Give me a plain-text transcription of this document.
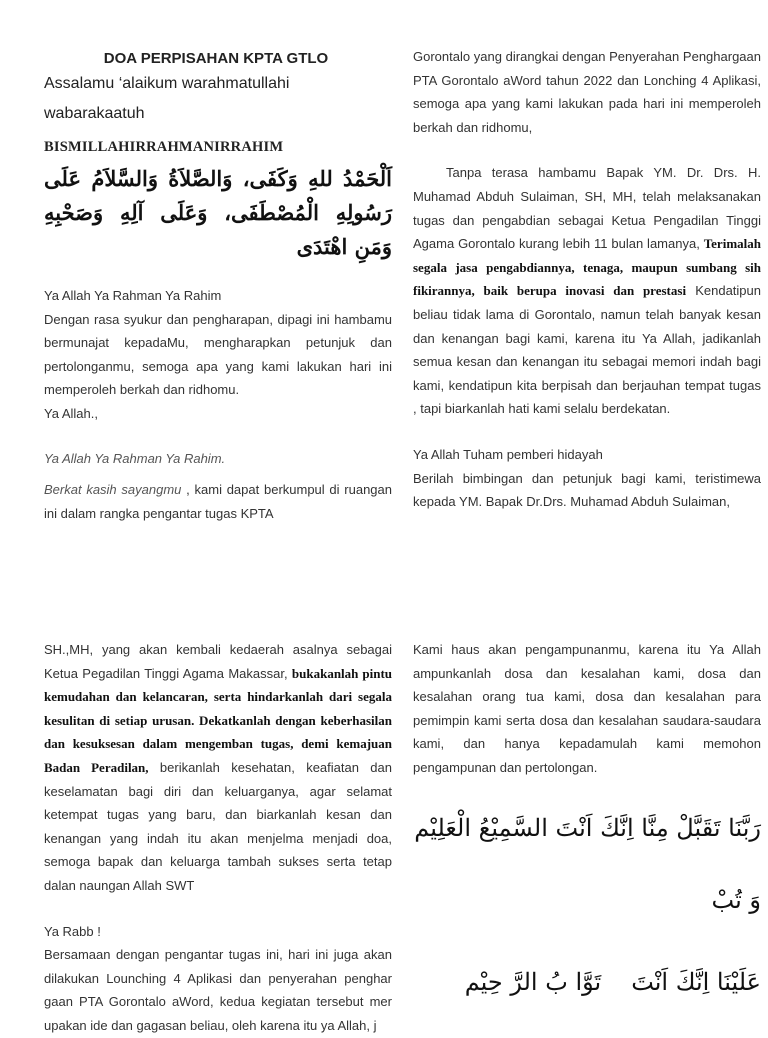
DOA PERPISAHAN KPTA GTLO

Assalamu ‘alaikum warahmatullahi wabarakaatuh

BISMILLAHIRRAHMANIRRAHIM

اَلْحَمْدُ للهِ وَكَفَى، وَالصَّلاَةُ وَالسَّلاَمُ عَلَى رَسُولِهِ الْمُصْطَفَى، وَعَلَى آلِهِ وَصَحْبِهِ وَمَنِ اهْتَدَى

Ya Allah Ya Rahman Ya Rahim

Dengan rasa syukur dan pengharapan, dipagi ini hambamu bermunajat kepadaMu, mengharapkan petunjuk dan pertolonganmu, semoga apa yang kami lakukan hari ini memperoleh berkah dan ridhomu.

Ya Allah.,

Ya Allah Ya Rahman Ya Rahim.

Berkat kasih sayangmu , kami dapat berkumpul di ruangan ini dalam rangka pengantar tugas KPTA

Gorontalo yang dirangkai dengan Penyerahan Penghargaan PTA Gorontalo aWord tahun 2022 dan Lonching 4 Aplikasi, semoga apa yang kami lakukan pada hari ini memperoleh berkah dan ridhomu,

Tanpa terasa hambamu Bapak YM. Dr. Drs. H. Muhamad Abduh Sulaiman, SH, MH, telah melaksanakan tugas dan pengabdian sebagai Ketua Pengadilan Tinggi Agama Gorontalo kurang lebih 11 bulan lamanya, Terimalah segala jasa pengabdiannya, tenaga, maupun sumbang sih fikirannya, baik berupa inovasi dan prestasi Kendatipun beliau tidak lama di Gorontalo, namun telah banyak kesan dan kenangan bagi kami, karena itu Ya Allah, jadikanlah semua kesan dan kenangan itu sebagai memori indah bagi kami, kendatipun kita berpisah dan berjauhan tempat tugas , tapi biarkanlah hati kami selalu berdekatan.

Ya Allah Tuham pemberi hidayah

Berilah bimbingan dan petunjuk bagi kami, teristimewa kepada YM. Bapak Dr.Drs. Muhamad Abduh Sulaiman,

SH.,MH, yang akan kembali kedaerah asalnya sebagai Ketua Pegadilan Tinggi Agama Makassar, bukakanlah pintu kemudahan dan kelancaran, serta hindarkanlah dari segala kesulitan di setiap urusan. Dekatkanlah dengan keberhasilan dan kesuksesan dalam mengemban tugas, demi kemajuan Badan Peradilan, berikanlah kesehatan, keafiatan dan keselamatan bagi diri dan keluarganya, agar selamat ketempat tugas yang baru, dan biarkanlah kesan dan kenangan yang indah itu akan menjelma menjadi doa, semoga bapak dan keluarga tambah sukses serta tetap dalan naungan Allah SWT

Ya Rabb !

Bersamaan dengan pengantar tugas ini, hari ini juga akan dilakukan Lounching 4 Aplikasi dan penyerahan penghar gaan PTA Gorontalo aWord, kedua kegiatan tersebut mer upakan ide dan gagasan beliau, oleh karena itu ya Allah, j

Kami haus akan pengampunanmu, karena itu Ya Allah ampunkanlah dosa dan kesalahan kami, dosa dan kesalahan orang tua kami, dosa dan kesalahan para pemimpin kami serta dosa dan kesalahan saudara-saudara kami, dan hanya kepadamulah kami memohon pengampunan dan pertolongan.

رَبَّنَا تَقَبَّلْ مِنَّا اِنَّكَ اَنْتَ السَّمِيْعُ الْعَلِيْم

وَ تُبْ

عَلَيْنَا اِنَّكَ اَنْتَتَوَّا بُ الرَّ حِيْم
